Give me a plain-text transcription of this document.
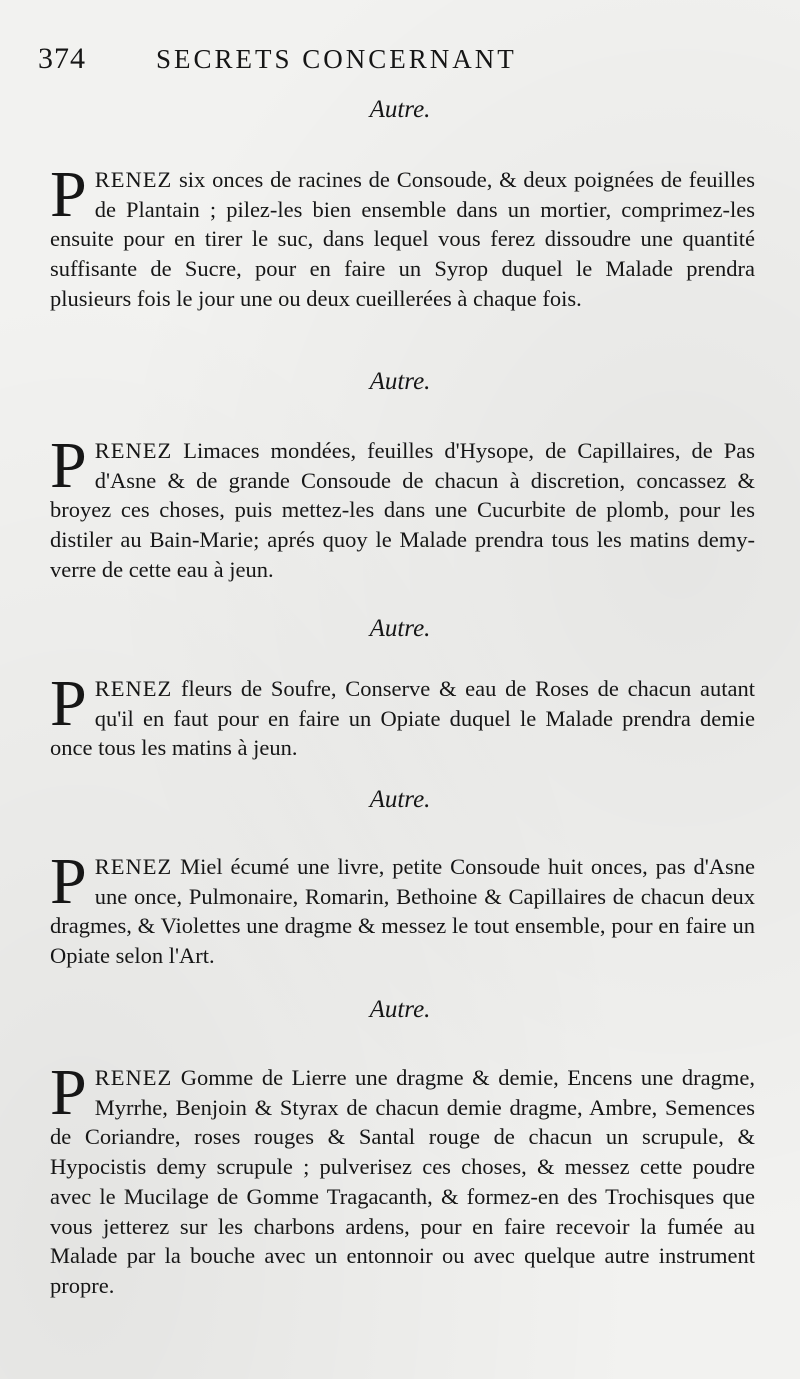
374	SECRETS CONCERNANT
Autre.
PRENEZ six onces de racines de Consoude, & deux poignées de feuilles de Plantain ; pilez-les bien ensemble dans un mortier, comprimez-les ensuite pour en tirer le suc, dans lequel vous ferez dissoudre une quantité suffisante de Sucre, pour en faire un Syrop duquel le Malade prendra plusieurs fois le jour une ou deux cueillerées à chaque fois.
Autre.
PRENEZ Limaces mondées, feuilles d'Hysope, de Capillaires, de Pas d'Asne & de grande Consoude de chacun à discretion, concassez & broyez ces choses, puis mettez-les dans une Cucurbite de plomb, pour les distiler au Bain-Marie; aprés quoy le Malade prendra tous les matins demy-verre de cette eau à jeun.
Autre.
PRENEZ fleurs de Soufre, Conserve & eau de Roses de chacun autant qu'il en faut pour en faire un Opiate duquel le Malade prendra demie once tous les matins à jeun.
Autre.
PRENEZ Miel écumé une livre, petite Consoude huit onces, pas d'Asne une once, Pulmonaire, Romarin, Bethoine & Capillaires de chacun deux dragmes, & Violettes une dragme & messez le tout ensemble, pour en faire un Opiate selon l'Art.
Autre.
PRENEZ Gomme de Lierre une dragme & demie, Encens une dragme, Myrrhe, Benjoin & Styrax de chacun demie dragme, Ambre, Semences de Coriandre, roses rouges & Santal rouge de chacun un scrupule, & Hypocistis demy scrupule ; pulverisez ces choses, & messez cette poudre avec le Mucilage de Gomme Tragacanth, & formez-en des Trochisques que vous jetterez sur les charbons ardens, pour en faire recevoir la fumée au Malade par la bouche avec un entonnoir ou avec quelque autre instrument propre.
